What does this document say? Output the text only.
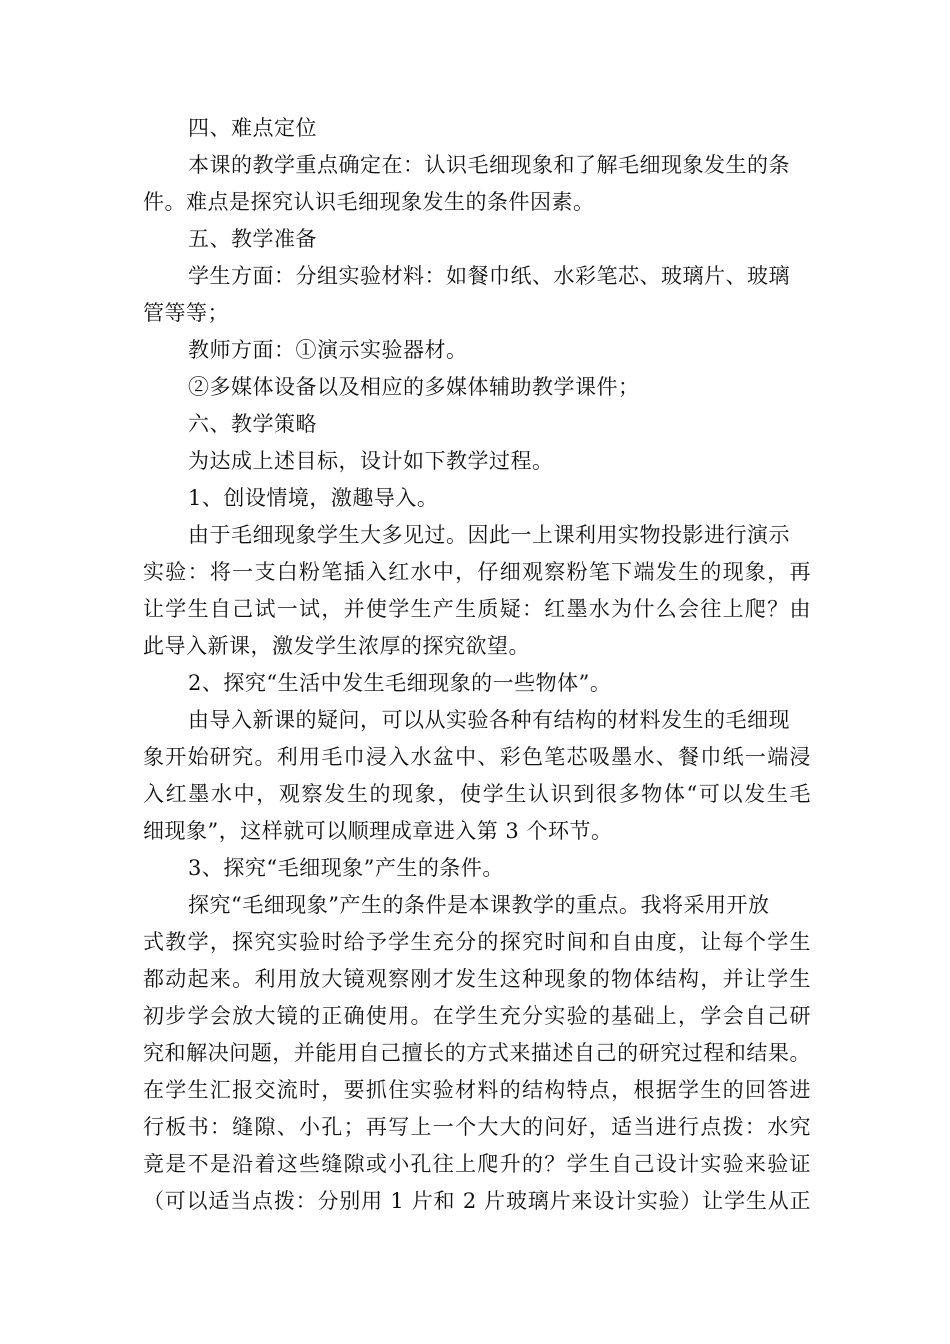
四、难点定位
本课的教学重点确定在：认识毛细现象和了解毛细现象发生的条
件。难点是探究认识毛细现象发生的条件因素。
五、教学准备
学生方面：分组实验材料：如餐巾纸、水彩笔芯、玻璃片、玻璃
管等等；
教师方面：①演示实验器材。
②多媒体设备以及相应的多媒体辅助教学课件；
六、教学策略
为达成上述目标，设计如下教学过程。
1、创设情境，激趣导入。
由于毛细现象学生大多见过。因此一上课利用实物投影进行演示
实验：将一支白粉笔插入红水中，仔细观察粉笔下端发生的现象，再
让学生自己试一试，并使学生产生质疑：红墨水为什么会往上爬？由
此导入新课，激发学生浓厚的探究欲望。
2、探究“生活中发生毛细现象的一些物体”。
由导入新课的疑问，可以从实验各种有结构的材料发生的毛细现
象开始研究。利用毛巾浸入水盆中、彩色笔芯吸墨水、餐巾纸一端浸
入红墨水中，观察发生的现象，使学生认识到很多物体“可以发生毛
细现象”，这样就可以顺理成章进入第 3 个环节。
3、探究“毛细现象”产生的条件。
探究“毛细现象”产生的条件是本课教学的重点。我将采用开放
式教学，探究实验时给予学生充分的探究时间和自由度，让每个学生
都动起来。利用放大镜观察刚才发生这种现象的物体结构，并让学生
初步学会放大镜的正确使用。在学生充分实验的基础上，学会自己研
究和解决问题，并能用自己擅长的方式来描述自己的研究过程和结果。
在学生汇报交流时，要抓住实验材料的结构特点，根据学生的回答进
行板书：缝隙、小孔；再写上一个大大的问好，适当进行点拨：水究
竟是不是沿着这些缝隙或小孔往上爬升的？学生自己设计实验来验证
（可以适当点拨：分别用 1 片和 2 片玻璃片来设计实验）让学生从正
